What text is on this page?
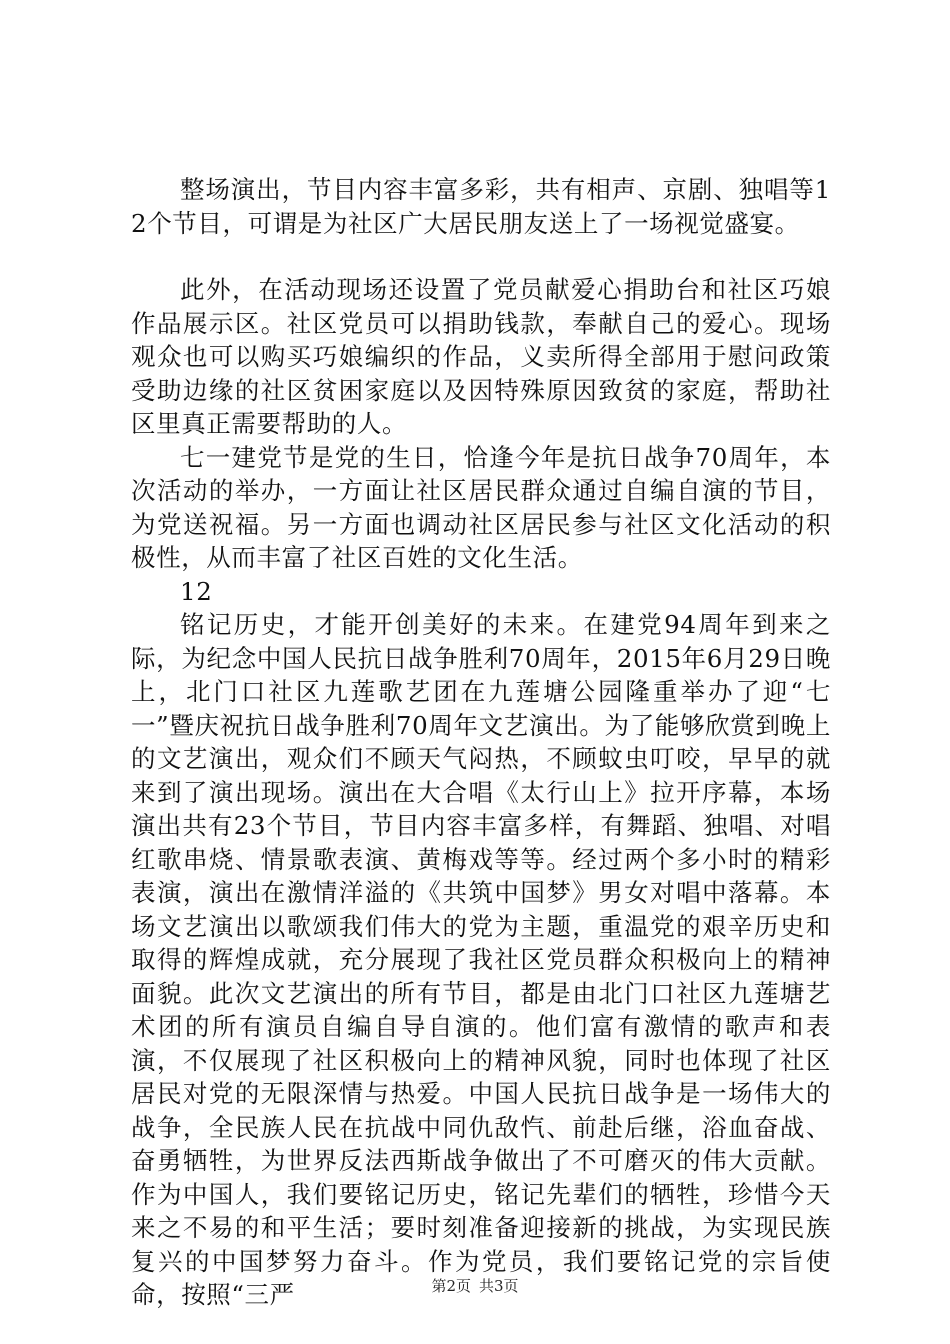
整场演出，节目内容丰富多彩，共有相声、京剧、独唱等12个节目，可谓是为社区广大居民朋友送上了一场视觉盛宴。

此外，在活动现场还设置了党员献爱心捐助台和社区巧娘作品展示区。社区党员可以捐助钱款，奉献自己的爱心。现场观众也可以购买巧娘编织的作品，义卖所得全部用于慰问政策受助边缘的社区贫困家庭以及因特殊原因致贫的家庭，帮助社区里真正需要帮助的人。

七一建党节是党的生日，恰逢今年是抗日战争70周年，本次活动的举办，一方面让社区居民群众通过自编自演的节目，为党送祝福。另一方面也调动社区居民参与社区文化活动的积极性，从而丰富了社区百姓的文化生活。

12

铭记历史，才能开创美好的未来。在建党94周年到来之际，为纪念中国人民抗日战争胜利70周年，2015年6月29日晚上，北门口社区九莲歌艺团在九莲塘公园隆重举办了迎“七一”暨庆祝抗日战争胜利70周年文艺演出。为了能够欣赏到晚上的文艺演出，观众们不顾天气闷热，不顾蚊虫叮咬，早早的就来到了演出现场。演出在大合唱《太行山上》拉开序幕，本场演出共有23个节目，节目内容丰富多样，有舞蹈、独唱、对唱红歌串烧、情景歌表演、黄梅戏等等。经过两个多小时的精彩表演，演出在激情洋溢的《共筑中国梦》男女对唱中落幕。本场文艺演出以歌颂我们伟大的党为主题，重温党的艰辛历史和取得的辉煌成就，充分展现了我社区党员群众积极向上的精神面貌。此次文艺演出的所有节目，都是由北门口社区九莲塘艺术团的所有演员自编自导自演的。他们富有激情的歌声和表演，不仅展现了社区积极向上的精神风貌，同时也体现了社区居民对党的无限深情与热爱。中国人民抗日战争是一场伟大的战争，全民族人民在抗战中同仇敌忾、前赴后继，浴血奋战、奋勇牺牲，为世界反法西斯战争做出了不可磨灭的伟大贡献。作为中国人，我们要铭记历史，铭记先辈们的牺牲，珍惜今天来之不易的和平生活；要时刻准备迎接新的挑战，为实现民族复兴的中国梦努力奋斗。作为党员，我们要铭记党的宗旨使命，按照“三严	第2页 共3页
